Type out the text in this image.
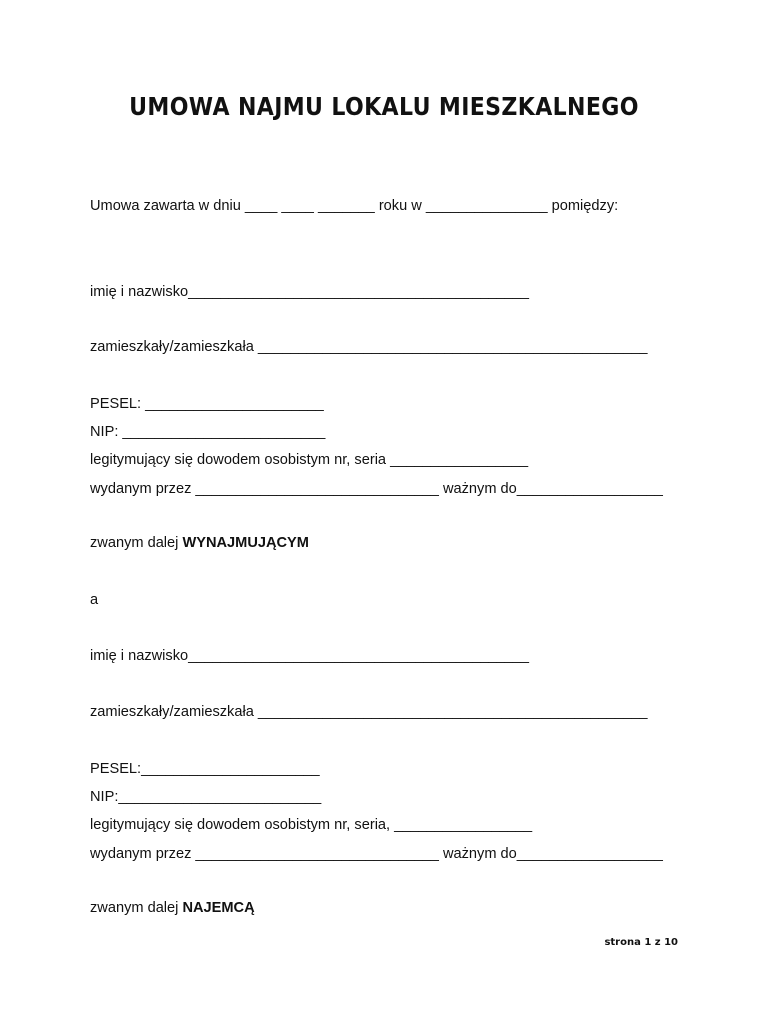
UMOWA NAJMU LOKALU MIESZKALNEGO
Umowa zawarta w dniu ____ ____ _______ roku w _______________ pomiędzy:
imię i nazwisko__________________________________________
zamieszkały/zamieszkała ________________________________________________
PESEL: ______________________
NIP: _________________________
legitymujący się dowodem osobistym nr, seria _________________
wydanym przez ______________________________ ważnym do__________________
zwanym dalej WYNAJMUJĄCYM
a
imię i nazwisko__________________________________________
zamieszkały/zamieszkała ________________________________________________
PESEL:______________________
NIP:_________________________
legitymujący się dowodem osobistym nr, seria, _________________
wydanym przez ______________________________ ważnym do__________________
zwanym dalej NAJEMCĄ
strona 1 z 10
